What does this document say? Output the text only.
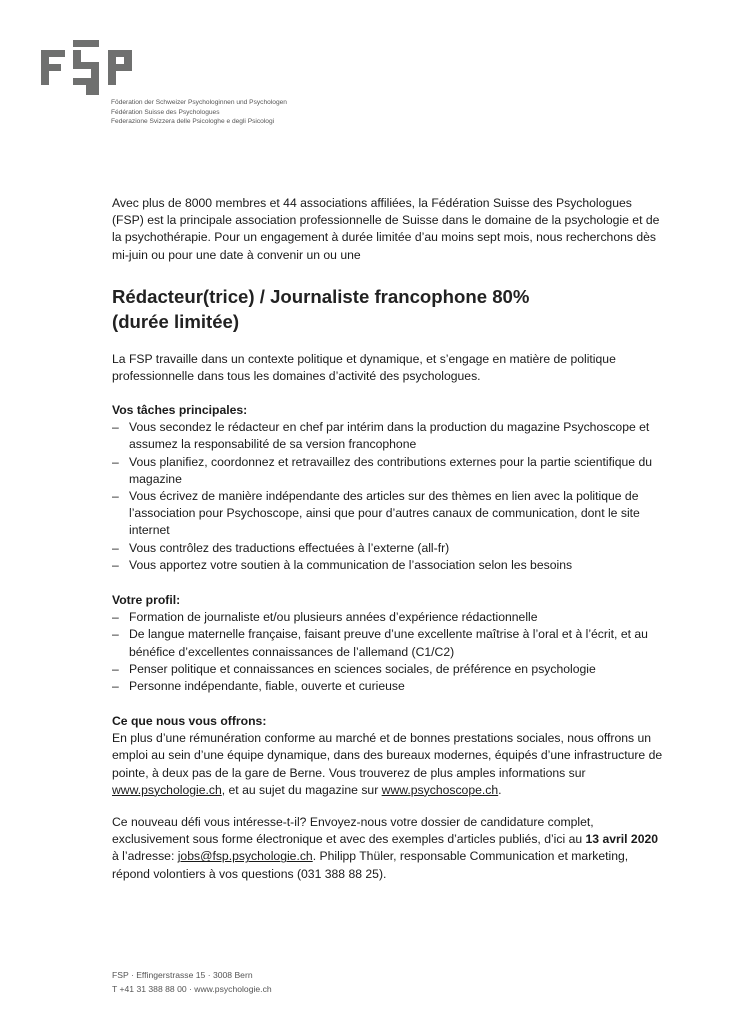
Föderation der Schweizer Psychologinnen und Psychologen
Fédération Suisse des Psychologues
Federazione Svizzera delle Psicologhe e degli Psicologi

Avec plus de 8000 membres et 44 associations affiliées, la Fédération Suisse des Psychologues (FSP) est la principale association professionnelle de Suisse dans le domaine de la psychologie et de la psychothérapie. Pour un engagement à durée limitée d’au moins sept mois, nous recherchons dès mi-juin ou pour une date à convenir un ou une

Rédacteur(trice) / Journaliste francophone 80%
(durée limitée)

La FSP travaille dans un contexte politique et dynamique, et s’engage en matière de politique professionnelle dans tous les domaines d’activité des psychologues.

Vos tâches principales:
– Vous secondez le rédacteur en chef par intérim dans la production du magazine Psychoscope et assumez la responsabilité de sa version francophone
– Vous planifiez, coordonnez et retravaillez des contributions externes pour la partie scientifique du magazine
– Vous écrivez de manière indépendante des articles sur des thèmes en lien avec la politique de l’association pour Psychoscope, ainsi que pour d’autres canaux de communication, dont le site internet
– Vous contrôlez des traductions effectuées à l’externe (all-fr)
– Vous apportez votre soutien à la communication de l’association selon les besoins
Votre profil:
– Formation de journaliste et/ou plusieurs années d’expérience rédactionnelle
– De langue maternelle française, faisant preuve d’une excellente maîtrise à l’oral et à l’écrit, et au bénéfice d’excellentes connaissances de l’allemand (C1/C2)
– Penser politique et connaissances en sciences sociales, de préférence en psychologie
– Personne indépendante, fiable, ouverte et curieuse
Ce que nous vous offrons:

En plus d’une rémunération conforme au marché et de bonnes prestations sociales, nous offrons un emploi au sein d’une équipe dynamique, dans des bureaux modernes, équipés d’une infrastructure de pointe, à deux pas de la gare de Berne. Vous trouverez de plus amples informations sur www.psychologie.ch, et au sujet du magazine sur www.psychoscope.ch.

Ce nouveau défi vous intéresse-t-il? Envoyez-nous votre dossier de candidature complet, exclusivement sous forme électronique et avec des exemples d’articles publiés, d’ici au 13 avril 2020 à l’adresse: jobs@fsp.psychologie.ch. Philipp Thüler, responsable Communication et marketing, répond volontiers à vos questions (031 388 88 25).

FSP · Effingerstrasse 15 · 3008 Bern
T +41 31 388 88 00 · www.psychologie.ch
